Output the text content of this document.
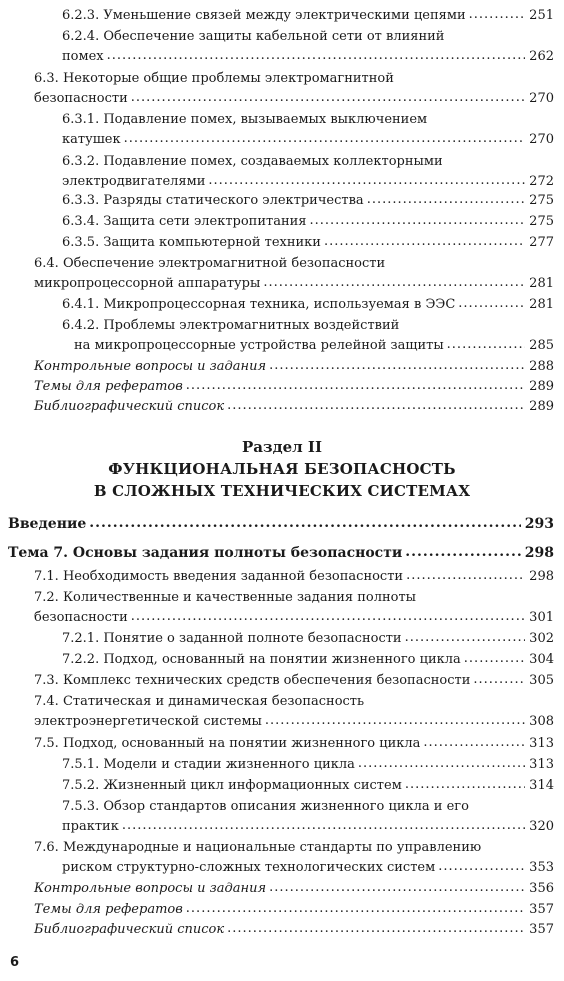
6.2.3. Уменьшение связей между электрическими цепями .....	251
6.2.4. Обеспечение защиты кабельной сети от влияний
помех .....	262
6.3. Некоторые общие проблемы электромагнитной
безопасности .....	270
6.3.1. Подавление помех, вызываемых выключением
катушек .....	270
6.3.2. Подавление помех, создаваемых коллекторными
электродвигателями .....	272
6.3.3. Разряды статического электричества .....	275
6.3.4. Защита сети электропитания .....	275
6.3.5. Защита компьютерной техники .....	277
6.4. Обеспечение электромагнитной безопасности
микропроцессорной аппаратуры .....	281
6.4.1. Микропроцессорная техника, используемая в ЭЭС .....	281
6.4.2. Проблемы электромагнитных воздействий
на микропроцессорные устройства релейной защиты .....	285
Контрольные вопросы и задания .....	288
Темы для рефератов .....	289
Библиографический список .....	289
Раздел II
ФУНКЦИОНАЛЬНАЯ БЕЗОПАСНОСТЬ
В СЛОЖНЫХ ТЕХНИЧЕСКИХ СИСТЕМАХ
Введение .....	293
Тема 7. Основы задания полноты безопасности .....	298
7.1. Необходимость введения заданной безопасности .....	298
7.2. Количественные и качественные задания полноты
безопасности .....	301
7.2.1. Понятие о заданной полноте безопасности .....	302
7.2.2. Подход, основанный на понятии жизненного цикла .....	304
7.3. Комплекс технических средств обеспечения безопасности .....	305
7.4. Статическая и динамическая безопасность
электроэнергетической системы .....	308
7.5. Подход, основанный на понятии жизненного цикла .....	313
7.5.1. Модели и стадии жизненного цикла .....	313
7.5.2. Жизненный цикл информационных систем .....	314
7.5.3. Обзор стандартов описания жизненного цикла и его
практик .....	320
7.6. Международные и национальные стандарты по управлению
риском структурно-сложных технологических систем .....	353
Контрольные вопросы и задания .....	356
Темы для рефератов .....	357
Библиографический список .....	357
6
